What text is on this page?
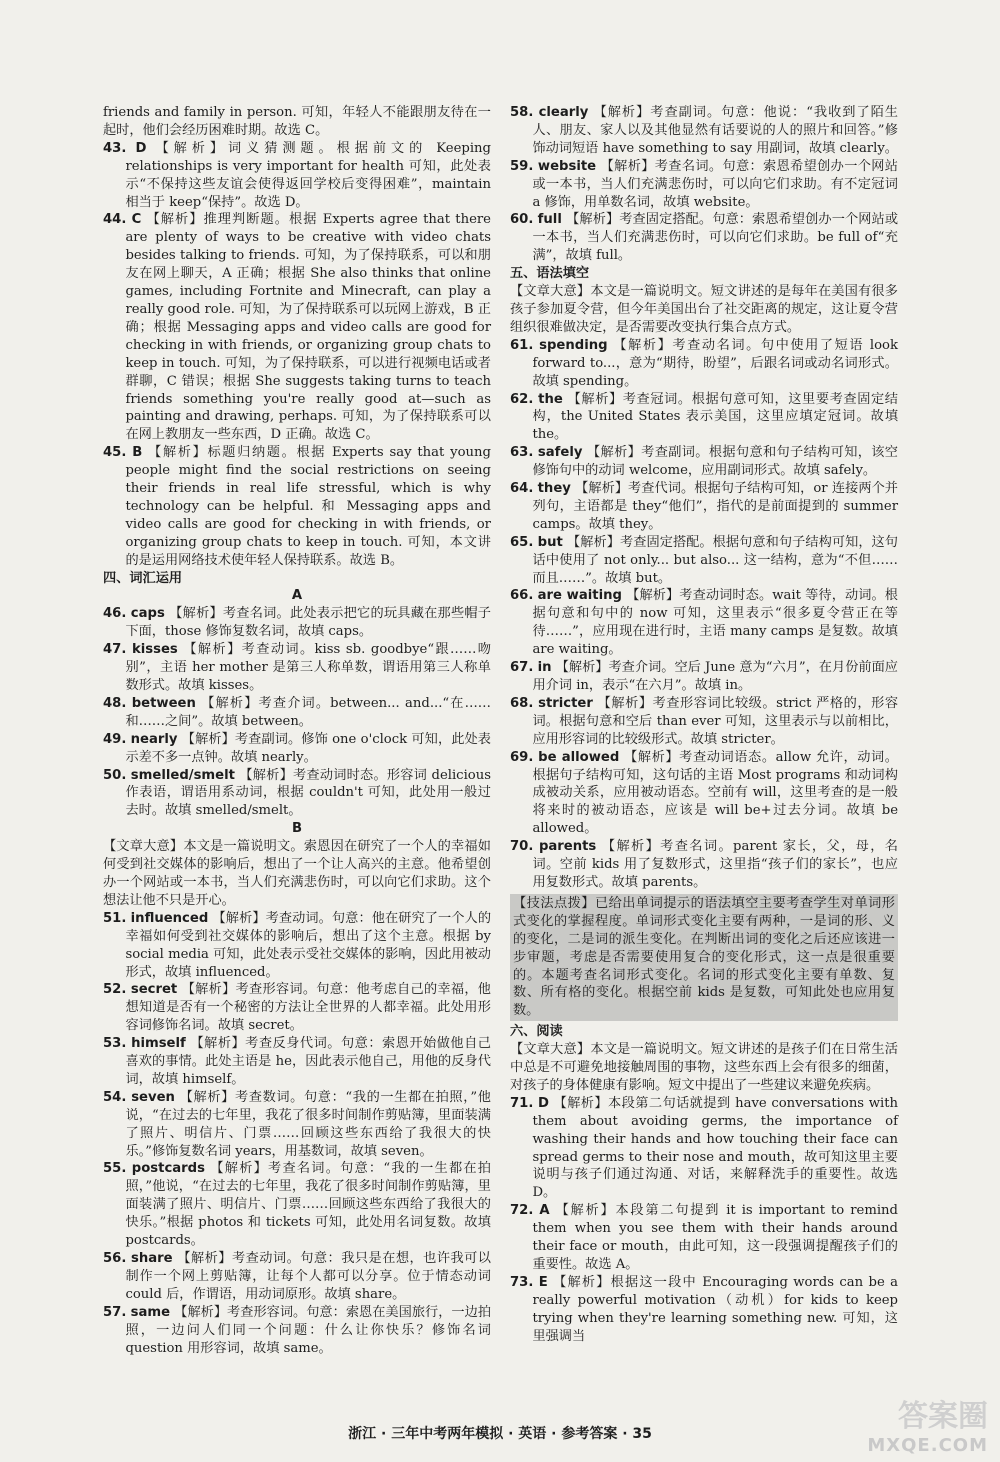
friends and family in person. 可知，年轻人不能跟朋友待在一起时，他们会经历困难时期。故选 C。

43. D 【解析】词义猜测题。根据前文的 Keeping relationships is very important for health 可知，此处表示“不保持这些友谊会使得返回学校后变得困难”，maintain 相当于 keep“保持”。故选 D。

44. C 【解析】推理判断题。根据 Experts agree that there are plenty of ways to be creative with video chats besides talking to friends. 可知，为了保持联系，可以和朋友在网上聊天，A 正确；根据 She also thinks that online games, including Fortnite and Minecraft, can play a really good role. 可知，为了保持联系可以玩网上游戏，B 正确；根据 Messaging apps and video calls are good for checking in with friends, or organizing group chats to keep in touch. 可知，为了保持联系，可以进行视频电话或者群聊，C 错误；根据 She suggests taking turns to teach friends something you're really good at—such as painting and drawing, perhaps. 可知，为了保持联系可以在网上教朋友一些东西，D 正确。故选 C。

45. B 【解析】标题归纳题。根据 Experts say that young people might find the social restrictions on seeing their friends in real life stressful, which is why technology can be helpful. 和 Messaging apps and video calls are good for checking in with friends, or organizing group chats to keep in touch. 可知，本文讲的是运用网络技术使年轻人保持联系。故选 B。

四、词汇运用

A

46. caps 【解析】考查名词。此处表示把它的玩具藏在那些帽子下面，those 修饰复数名词，故填 caps。

47. kisses 【解析】考查动词。kiss sb. goodbye“跟……吻别”，主语 her mother 是第三人称单数，谓语用第三人称单数形式。故填 kisses。

48. between 【解析】考查介词。between... and...“在……和……之间”。故填 between。

49. nearly 【解析】考查副词。修饰 one o'clock 可知，此处表示差不多一点钟。故填 nearly。

50. smelled/smelt 【解析】考查动词时态。形容词 delicious 作表语，谓语用系动词，根据 couldn't 可知，此处用一般过去时。故填 smelled/smelt。

B

【文章大意】本文是一篇说明文。索恩因在研究了一个人的幸福如何受到社交媒体的影响后，想出了一个让人高兴的主意。他希望创办一个网站或一本书，当人们充满悲伤时，可以向它们求助。这个想法让他不只是开心。

51. influenced 【解析】考查动词。句意：他在研究了一个人的幸福如何受到社交媒体的影响后，想出了这个主意。根据 by social media 可知，此处表示受社交媒体的影响，因此用被动形式，故填 influenced。

52. secret 【解析】考查形容词。句意：他考虑自己的幸福，他想知道是否有一个秘密的方法让全世界的人都幸福。此处用形容词修饰名词。故填 secret。

53. himself 【解析】考查反身代词。句意：索恩开始做他自己喜欢的事情。此处主语是 he，因此表示他自己，用他的反身代词，故填 himself。

54. seven 【解析】考查数词。句意：“我的一生都在拍照，”他说，“在过去的七年里，我花了很多时间制作剪贴簿，里面装满了照片、明信片、门票……回顾这些东西给了我很大的快乐。”修饰复数名词 years，用基数词，故填 seven。

55. postcards 【解析】考查名词。句意：“我的一生都在拍照，”他说，“在过去的七年里，我花了很多时间制作剪贴簿，里面装满了照片、明信片、门票……回顾这些东西给了我很大的快乐。”根据 photos 和 tickets 可知，此处用名词复数。故填 postcards。

56. share 【解析】考查动词。句意：我只是在想，也许我可以制作一个网上剪贴簿，让每个人都可以分享。位于情态动词 could 后，作谓语，用动词原形。故填 share。

57. same 【解析】考查形容词。句意：索恩在美国旅行，一边拍照，一边问人们同一个问题：什么让你快乐？修饰名词 question 用形容词，故填 same。

58. clearly 【解析】考查副词。句意：他说：“我收到了陌生人、朋友、家人以及其他显然有话要说的人的照片和回答。”修饰动词短语 have something to say 用副词，故填 clearly。

59. website 【解析】考查名词。句意：索恩希望创办一个网站或一本书，当人们充满悲伤时，可以向它们求助。有不定冠词 a 修饰，用单数名词，故填 website。

60. full 【解析】考查固定搭配。句意：索恩希望创办一个网站或一本书，当人们充满悲伤时，可以向它们求助。be full of“充满”，故填 full。

五、语法填空

【文章大意】本文是一篇说明文。短文讲述的是每年在美国有很多孩子参加夏令营，但今年美国出台了社交距离的规定，这让夏令营组织很难做决定，是否需要改变执行集合点方式。

61. spending 【解析】考查动名词。句中使用了短语 look forward to...，意为“期待，盼望”，后跟名词或动名词形式。故填 spending。

62. the 【解析】考查冠词。根据句意可知，这里要考查固定结构，the United States 表示美国，这里应填定冠词。故填 the。

63. safely 【解析】考查副词。根据句意和句子结构可知，该空修饰句中的动词 welcome，应用副词形式。故填 safely。

64. they 【解析】考查代词。根据句子结构可知，or 连接两个并列句，主语都是 they“他们”，指代的是前面提到的 summer camps。故填 they。

65. but 【解析】考查固定搭配。根据句意和句子结构可知，这句话中使用了 not only... but also... 这一结构，意为“不但……而且……”。故填 but。

66. are waiting 【解析】考查动词时态。wait 等待，动词。根据句意和句中的 now 可知，这里表示“很多夏令营正在等待……”，应用现在进行时，主语 many camps 是复数。故填 are waiting。

67. in 【解析】考查介词。空后 June 意为“六月”，在月份前面应用介词 in，表示“在六月”。故填 in。

68. stricter 【解析】考查形容词比较级。strict 严格的，形容词。根据句意和空后 than ever 可知，这里表示与以前相比，应用形容词的比较级形式。故填 stricter。

69. be allowed 【解析】考查动词语态。allow 允许，动词。根据句子结构可知，这句话的主语 Most programs 和动词构成被动关系，应用被动语态。空前有 will，这里考查的是一般将来时的被动语态，应该是 will be+过去分词。故填 be allowed。

70. parents 【解析】考查名词。parent 家长，父，母，名词。空前 kids 用了复数形式，这里指“孩子们的家长”，也应用复数形式。故填 parents。

【技法点拨】已给出单词提示的语法填空主要考查学生对单词形式变化的掌握程度。单词形式变化主要有两种，一是词的形、义的变化，二是词的派生变化。在判断出词的变化之后还应该进一步审题，考虑是否需要使用复合的变化形式，这一点是很重要的。本题考查名词形式变化。名词的形式变化主要有单数、复数、所有格的变化。根据空前 kids 是复数，可知此处也应用复数。

六、阅读

【文章大意】本文是一篇说明文。短文讲述的是孩子们在日常生活中总是不可避免地接触周围的事物，这些东西上会有很多的细菌，对孩子的身体健康有影响。短文中提出了一些建议来避免疾病。

71. D 【解析】本段第二句话就提到 have conversations with them about avoiding germs, the importance of washing their hands and how touching their face can spread germs to their nose and mouth，故可知这里主要说明与孩子们通过沟通、对话，来解释洗手的重要性。故选 D。

72. A 【解析】本段第二句提到 it is important to remind them when you see them with their hands around their face or mouth，由此可知，这一段强调提醒孩子们的重要性。故选 A。

73. E 【解析】根据这一段中 Encouraging words can be a really powerful motivation（动机）for kids to keep trying when they're learning something new. 可知，这里强调当

浙江 · 三年中考两年模拟 · 英语 · 参考答案 · 35	答案圈
MXQE.COM
